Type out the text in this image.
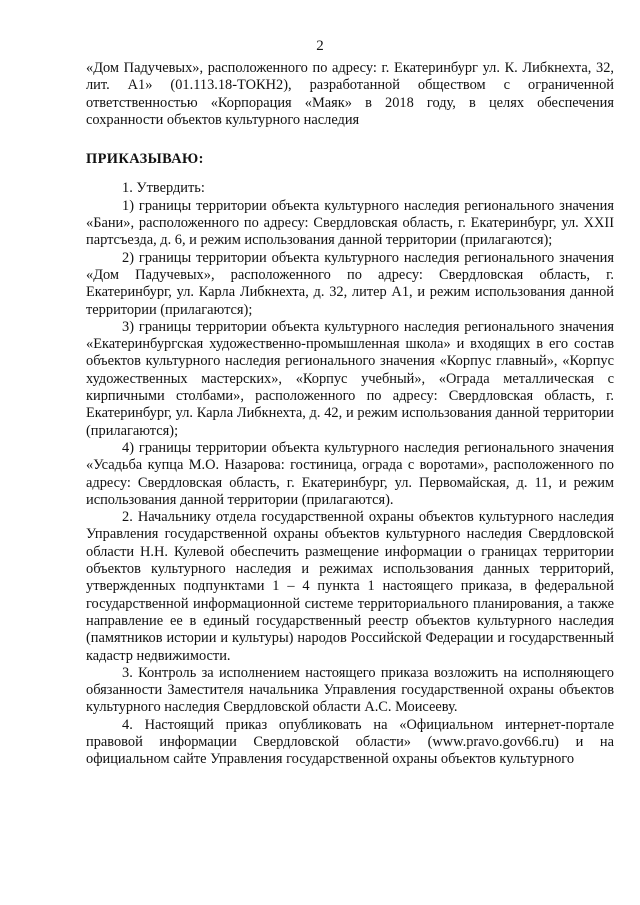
2

«Дом Падучевых», расположенного по адресу: г. Екатеринбург ул. К. Либкнехта, 32, лит. А1» (01.113.18-ТОКН2), разработанной обществом с ограниченной ответственностью «Корпорация «Маяк» в 2018 году, в целях обеспечения сохранности объектов культурного наследия

ПРИКАЗЫВАЮ:

1. Утвердить:

1) границы территории объекта культурного наследия регионального значения «Бани», расположенного по адресу: Свердловская область, г. Екатеринбург, ул. XXII партсъезда, д. 6, и режим использования данной территории (прилагаются);

2) границы территории объекта культурного наследия регионального значения «Дом Падучевых», расположенного по адресу: Свердловская область, г. Екатеринбург, ул. Карла Либкнехта, д. 32, литер А1, и режим использования данной территории (прилагаются);

3) границы территории объекта культурного наследия регионального значения «Екатеринбургская художественно-промышленная школа» и входящих в его состав объектов культурного наследия регионального значения «Корпус главный», «Корпус художественных мастерских», «Корпус учебный», «Ограда металлическая с кирпичными столбами», расположенного по адресу: Свердловская область, г. Екатеринбург, ул. Карла Либкнехта, д. 42, и режим использования данной территории (прилагаются);

4) границы территории объекта культурного наследия регионального значения «Усадьба купца М.О. Назарова: гостиница, ограда с воротами», расположенного по адресу: Свердловская область, г. Екатеринбург, ул. Первомайская, д. 11, и режим использования данной территории (прилагаются).

2. Начальнику отдела государственной охраны объектов культурного наследия Управления государственной охраны объектов культурного наследия Свердловской области Н.Н. Кулевой обеспечить размещение информации о границах территории объектов культурного наследия и режимах использования данных территорий, утвержденных подпунктами 1 – 4 пункта 1 настоящего приказа, в федеральной государственной информационной системе территориального планирования, а также направление ее в единый государственный реестр объектов культурного наследия (памятников истории и культуры) народов Российской Федерации и государственный кадастр недвижимости.

3. Контроль за исполнением настоящего приказа возложить на исполняющего обязанности Заместителя начальника Управления государственной охраны объектов культурного наследия Свердловской области А.С. Моисееву.

4. Настоящий приказ опубликовать на «Официальном интернет-портале правовой информации Свердловской области» (www.pravo.gov66.ru) и на официальном сайте Управления государственной охраны объектов культурного
